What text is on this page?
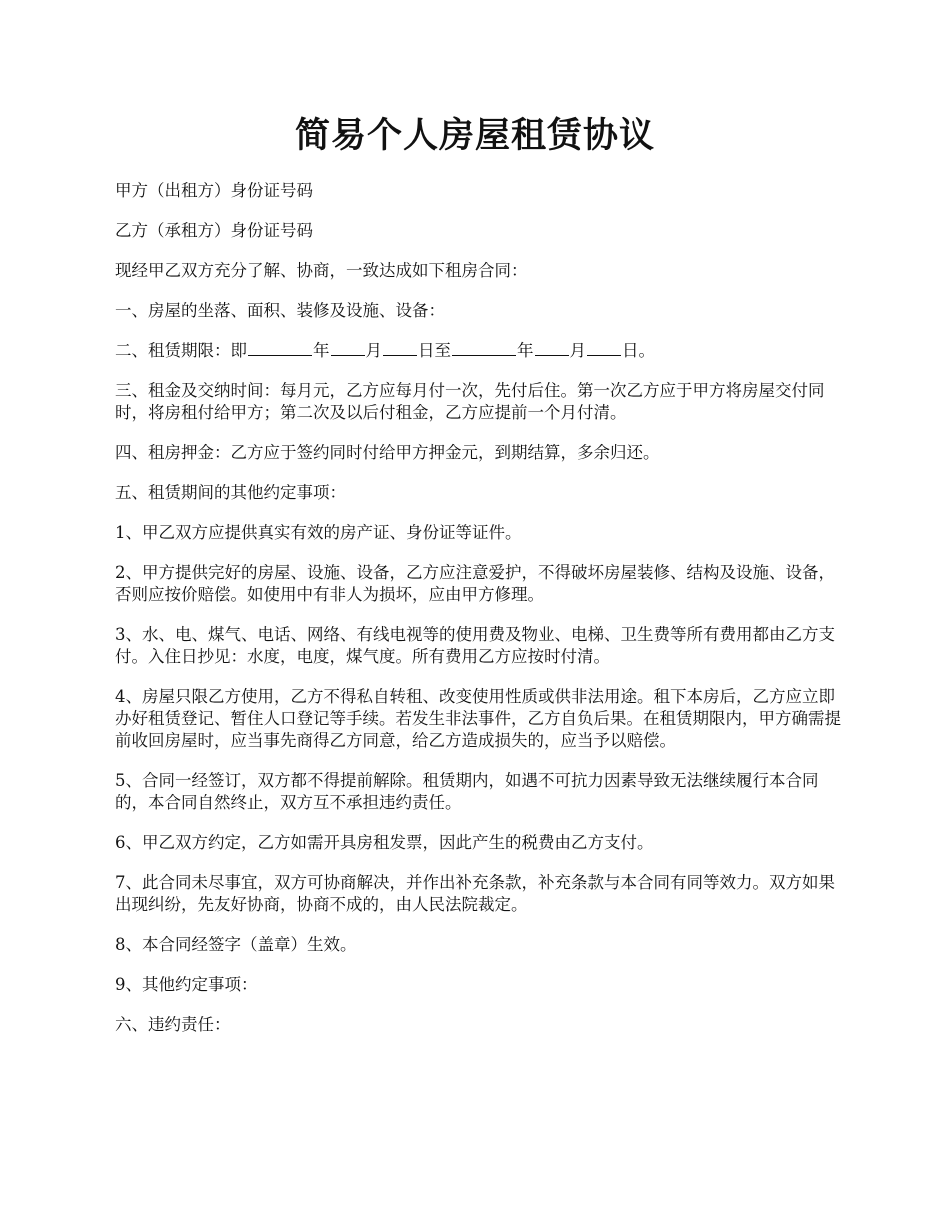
简易个人房屋租赁协议

甲方（出租方）身份证号码

乙方（承租方）身份证号码

现经甲乙双方充分了解、协商，一致达成如下租房合同：

一、房屋的坐落、面积、装修及设施、设备：

二、租赁期限：即	年 月 日至	年 月 日。

三、租金及交纳时间：每月元，乙方应每月付一次，先付后住。第一次乙方应于甲方将房屋交付同时，将房租付给甲方；第二次及以后付租金，乙方应提前一个月付清。

四、租房押金：乙方应于签约同时付给甲方押金元，到期结算，多余归还。

五、租赁期间的其他约定事项：

1、甲乙双方应提供真实有效的房产证、身份证等证件。

2、甲方提供完好的房屋、设施、设备，乙方应注意爱护，不得破坏房屋装修、结构及设施、设备，否则应按价赔偿。如使用中有非人为损坏，应由甲方修理。

3、水、电、煤气、电话、网络、有线电视等的使用费及物业、电梯、卫生费等所有费用都由乙方支付。入住日抄见：水度，电度，煤气度。所有费用乙方应按时付清。

4、房屋只限乙方使用，乙方不得私自转租、改变使用性质或供非法用途。租下本房后，乙方应立即办好租赁登记、暂住人口登记等手续。若发生非法事件，乙方自负后果。在租赁期限内，甲方确需提前收回房屋时，应当事先商得乙方同意，给乙方造成损失的，应当予以赔偿。

5、合同一经签订，双方都不得提前解除。租赁期内，如遇不可抗力因素导致无法继续履行本合同的，本合同自然终止，双方互不承担违约责任。

6、甲乙双方约定，乙方如需开具房租发票，因此产生的税费由乙方支付。

7、此合同未尽事宜，双方可协商解决，并作出补充条款，补充条款与本合同有同等效力。双方如果出现纠纷，先友好协商，协商不成的，由人民法院裁定。

8、本合同经签字（盖章）生效。

9、其他约定事项：

六、违约责任：
